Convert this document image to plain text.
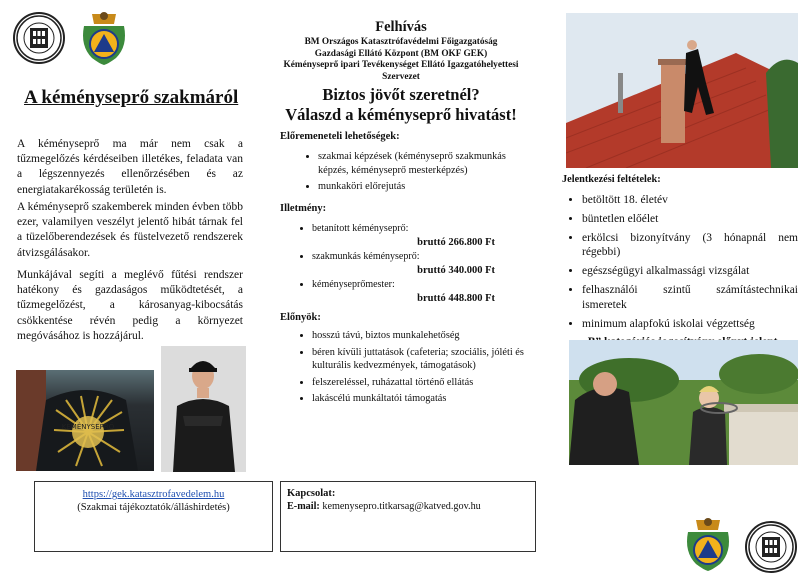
A kéményseprő szakmáról
A kéményseprő ma már nem csak a tűzmegelőzés kérdéseiben illetékes, feladata van a légszennyezés ellenőrzésében és az energiatakarékosság területén is.
A kéményseprő szakemberek minden évben több ezer, valamilyen veszélyt jelentő hibát tárnak fel a tüzelőberendezések és füstelvezető rendszerek átvizsgálásakor.
Munkájával segíti a meglévő fűtési rendszer hatékony és gazdaságos működtetését, a tűzmegelőzést, a károsanyag-kibocsátás csökkentése révén pedig a környezet megóvásához is hozzájárul.
KÉMÉNYSEPRŐ
Felhívás
BM Országos Katasztrófavédelmi Főigazgatóság
Gazdasági Ellátó Központ (BM OKF GEK)
Kéményseprő ipari Tevékenységet Ellátó Igazgatóhelyettesi
Szervezet
Biztos jövőt szeretnél?
Válaszd a kéményseprő hivatást!
Előremeneteli lehetőségek:
• szakmai képzések (kéményseprő szakmunkás képzés, kéményseprő mesterképzés)
• munkaköri előrejutás
Illetmény:
• betanított kéményseprő:
bruttó 266.800 Ft
• szakmunkás kéményseprő:
bruttó 340.000 Ft
• kéményseprőmester:
bruttó 448.800 Ft
Előnyök:
• hosszú távú, biztos munkalehetőség
• béren kívüli juttatások (cafeteria; szociális, jóléti és kulturális kedvezmények, támogatások)
• felszereléssel, ruházattal történő ellátás
• lakáscélú munkáltatói támogatás
Jelentkezési feltételek:
• betöltött 18. életév
• büntetlen előélet
• erkölcsi bizonyítvány (3 hónapnál nem régebbi)
• egészségügyi alkalmassági vizsgálat
• felhasználói szintű számítástechnikai ismeretek
• minimum alapfokú iskolai végzettség
•
https://gek.katasztrofavedelem.hu
(Szakmai tájékoztatók/álláshirdetés)
Kapcsolat:
E-mail: kemenysepro.titkarsag@katved.gov.hu
